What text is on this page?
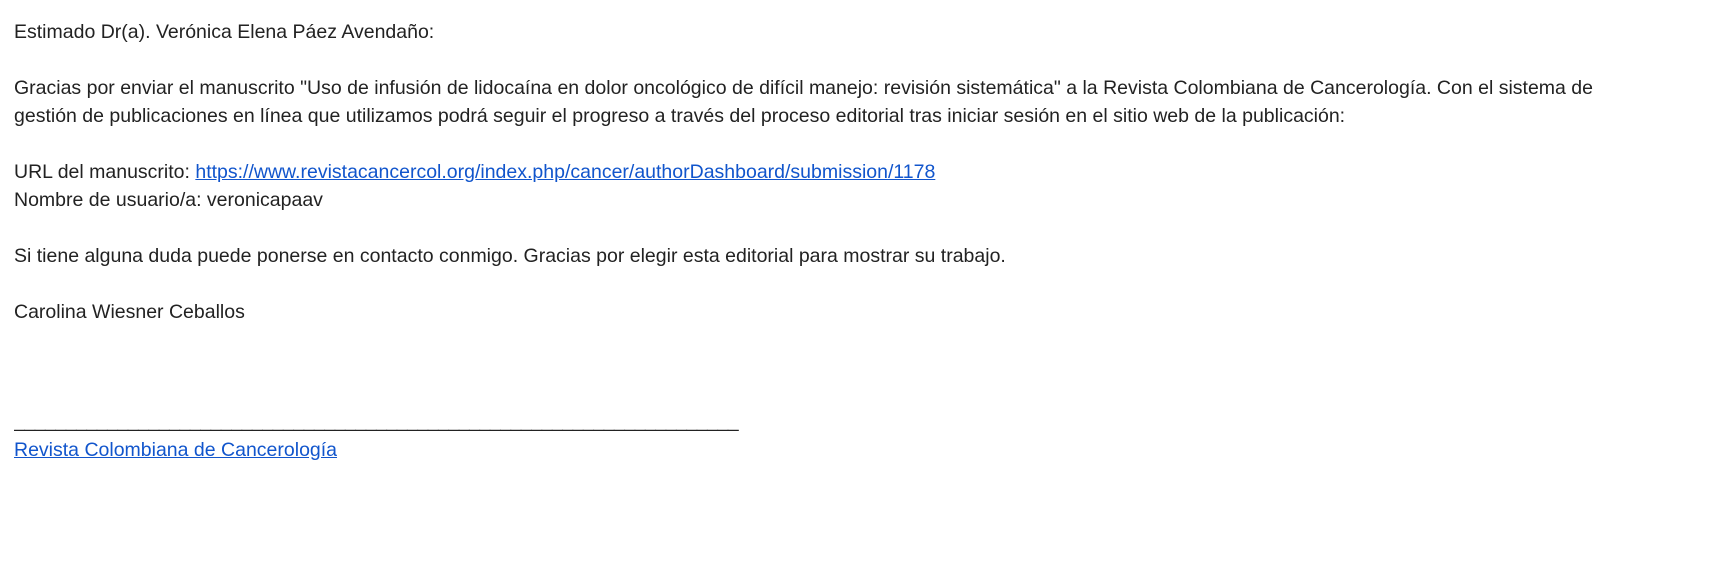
Estimado Dr(a). Verónica Elena Páez Avendaño:

Gracias por enviar el manuscrito "Uso de infusión de lidocaína en dolor oncológico de difícil manejo: revisión sistemática" a la Revista Colombiana de Cancerología. Con el sistema de
gestión de publicaciones en línea que utilizamos podrá seguir el progreso a través del proceso editorial tras iniciar sesión en el sitio web de la publicación:

URL del manuscrito: https://www.revistacancercol.org/index.php/cancer/authorDashboard/submission/1178
Nombre de usuario/a: veronicapaav

Si tiene alguna duda puede ponerse en contacto conmigo. Gracias por elegir esta editorial para mostrar su trabajo.

Carolina Wiesner Ceballos

______________________________________________________________________
Revista Colombiana de Cancerología
